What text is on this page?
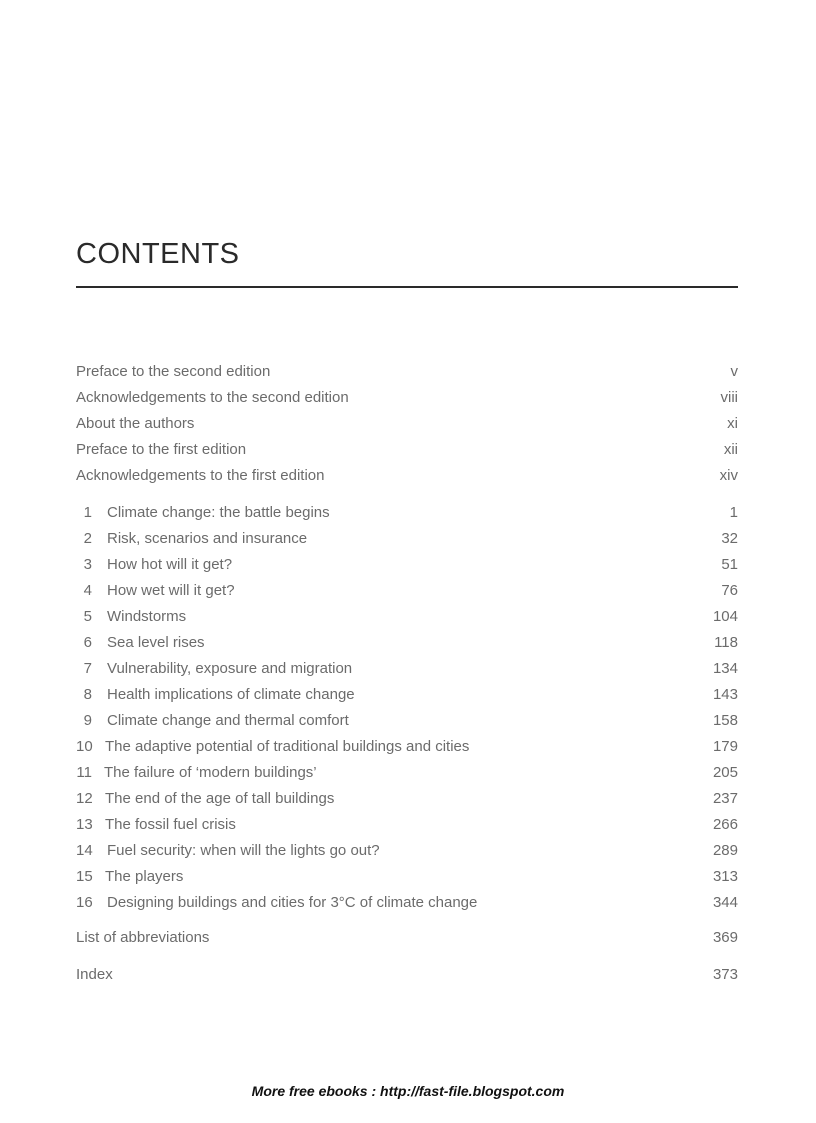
CONTENTS
Preface to the second edition	v
Acknowledgements to the second edition	viii
About the authors	xi
Preface to the first edition	xii
Acknowledgements to the first edition	xiv
1 Climate change: the battle begins	1
2 Risk, scenarios and insurance	32
3 How hot will it get?	51
4 How wet will it get?	76
5 Windstorms	104
6 Sea level rises	118
7 Vulnerability, exposure and migration	134
8 Health implications of climate change	143
9 Climate change and thermal comfort	158
10 The adaptive potential of traditional buildings and cities	179
11 The failure of ‘modern buildings’	205
12 The end of the age of tall buildings	237
13 The fossil fuel crisis	266
14 Fuel security: when will the lights go out?	289
15 The players	313
16 Designing buildings and cities for 3°C of climate change	344
List of abbreviations	369
Index	373
More free ebooks : http://fast-file.blogspot.com
